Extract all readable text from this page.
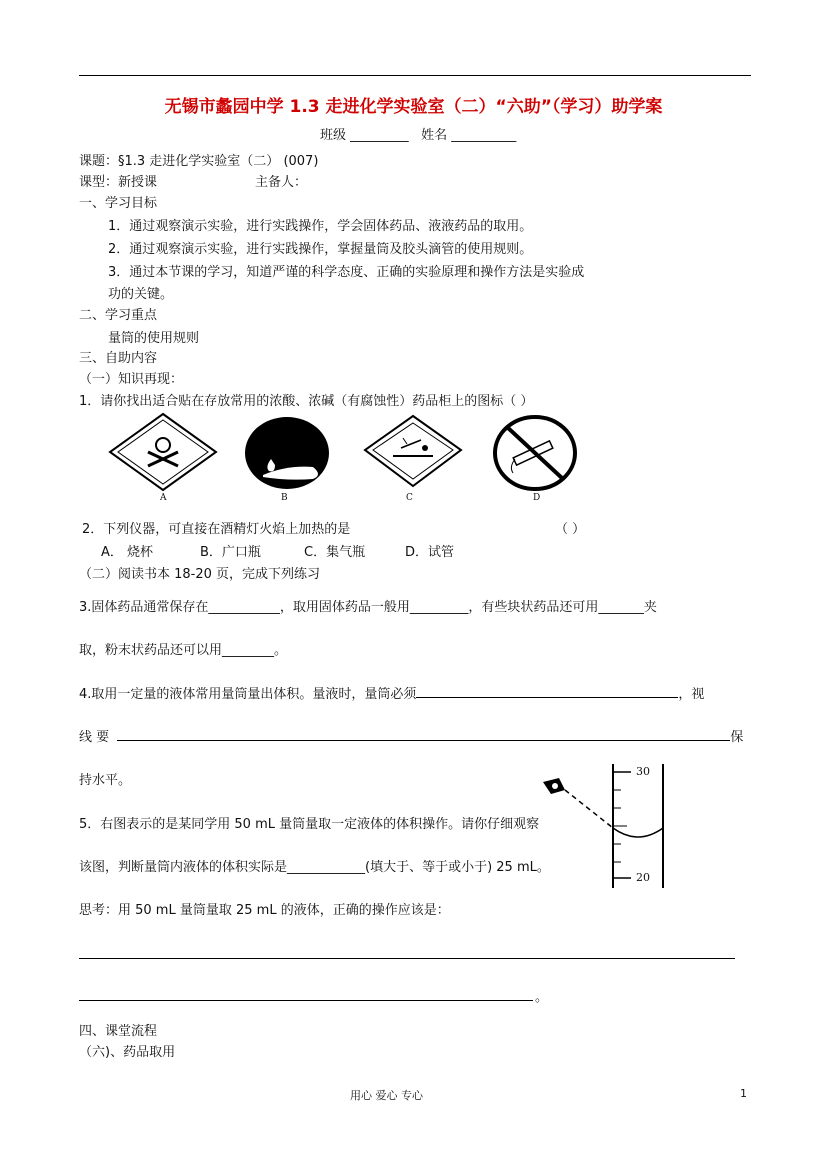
无锡市蠡园中学 1.3 走进化学实验室（二）“六助”（学习）助学案
班级 _________ 姓名 __________
课题：§1.3 走进化学实验室（二） (007)
课型：新授课	主备人：
一、学习目标
1．通过观察演示实验，进行实践操作，学会固体药品、液液药品的取用。
2．通过观察演示实验，进行实践操作，掌握量筒及胶头滴管的使用规则。
3．通过本节课的学习，知道严谨的科学态度、正确的实验原理和操作方法是实验成
功的关键。
二、学习重点
量筒的使用规则
三、自助内容
（一）知识再现：
1．请你找出适合贴在存放常用的浓酸、浓碱（有腐蚀性）药品柜上的图标（ ）
A	B	C	D
2．下列仪器，可直接在酒精灯火焰上加热的是	（ ）
A． 烧杯	B．广口瓶	C．集气瓶	D．试管
（二）阅读书本 18-20 页，完成下列练习
3.固体药品通常保存在___________，取用固体药品一般用_________，有些块状药品还可用_______夹
取，粉末状药品还可以用________。
4.取用一定量的液体常用量筒量出体积。量液时，量筒必须	，视
线 要	保
持水平。
30
20
5．右图表示的是某同学用 50 mL 量筒量取一定液体的体积操作。请你仔细观察
该图，判断量筒内液体的体积实际是____________(填大于、等于或小于) 25 mL。
思考：用 50 mL 量筒量取 25 mL 的液体，正确的操作应该是：
。
四、课堂流程
（六)、药品取用
用心 爱心 专心	1
